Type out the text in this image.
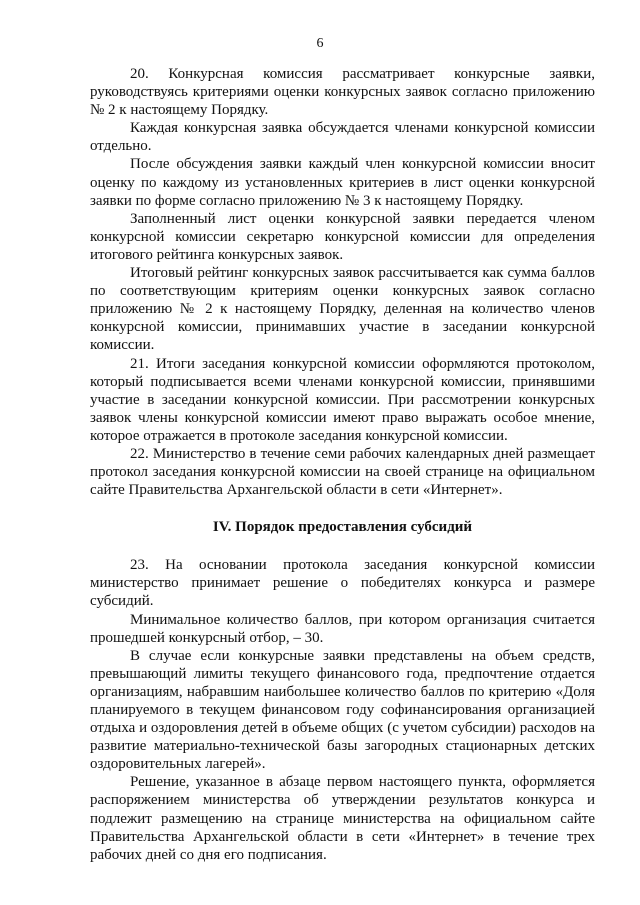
6

20. Конкурсная комиссия рассматривает конкурсные заявки, руководствуясь критериями оценки конкурсных заявок согласно приложению № 2 к настоящему Порядку.

Каждая конкурсная заявка обсуждается членами конкурсной комиссии отдельно.

После обсуждения заявки каждый член конкурсной комиссии вносит оценку по каждому из установленных критериев в лист оценки конкурсной заявки по форме согласно приложению № 3 к настоящему Порядку.

Заполненный лист оценки конкурсной заявки передается членом конкурсной комиссии секретарю конкурсной комиссии для определения итогового рейтинга конкурсных заявок.

Итоговый рейтинг конкурсных заявок рассчитывается как сумма баллов по соответствующим критериям оценки конкурсных заявок согласно приложению № 2 к настоящему Порядку, деленная на количество членов конкурсной комиссии, принимавших участие в заседании конкурсной комиссии.

21. Итоги заседания конкурсной комиссии оформляются протоколом, который подписывается всеми членами конкурсной комиссии, принявшими участие в заседании конкурсной комиссии. При рассмотрении конкурсных заявок члены конкурсной комиссии имеют право выражать особое мнение, которое отражается в протоколе заседания конкурсной комиссии.

22. Министерство в течение семи рабочих календарных дней размещает протокол заседания конкурсной комиссии на своей странице на официальном сайте Правительства Архангельской области в сети «Интернет».

IV. Порядок предоставления субсидий

23. На основании протокола заседания конкурсной комиссии министерство принимает решение о победителях конкурса и размере субсидий.

Минимальное количество баллов, при котором организация считается прошедшей конкурсный отбор, – 30.

В случае если конкурсные заявки представлены на объем средств, превышающий лимиты текущего финансового года, предпочтение отдается организациям, набравшим наибольшее количество баллов по критерию «Доля планируемого в текущем финансовом году софинансирования организацией отдыха и оздоровления детей в объеме общих (с учетом субсидии) расходов на развитие материально-технической базы загородных стационарных детских оздоровительных лагерей».

Решение, указанное в абзаце первом настоящего пункта, оформляется распоряжением министерства об утверждении результатов конкурса и подлежит размещению на странице министерства на официальном сайте Правительства Архангельской области в сети «Интернет» в течение трех рабочих дней со дня его подписания.
